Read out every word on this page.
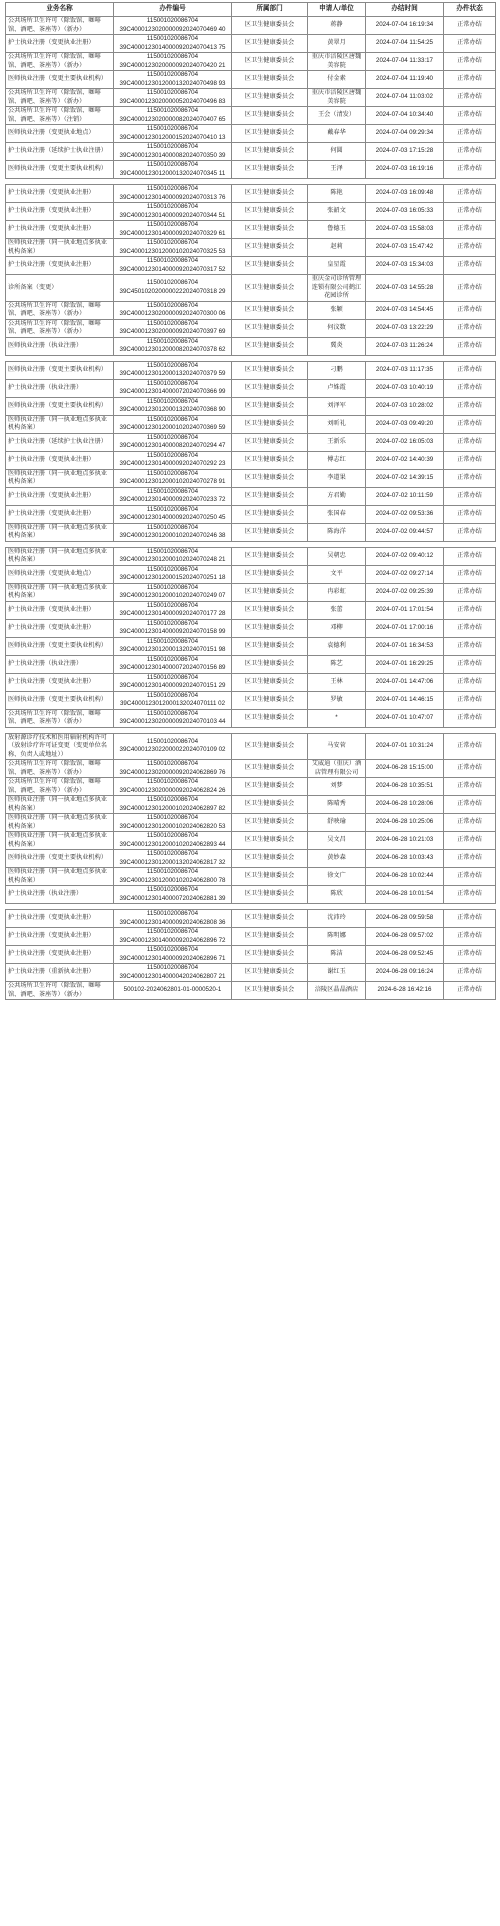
业务名称	办件编号	所属部门	申请人/单位	办结时间	办件状态
公共场所卫生许可（除饭馆、咖啡馆、酒吧、茶座等）（新办）	115001020086704 39C4000123020000092024070469 40	区卫生健康委员会	蒋静	2024-07-04 16:19:34	正常办结
护士执业注册（变更执业注册）	115001020086704 39C4000123014000092024070413 75	区卫生健康委员会	黄翠月	2024-07-04 11:54:25	正常办结
公共场所卫生许可（除饭馆、咖啡馆、酒吧、茶座等）（新办）	115001020086704 39C4000123020000092024070420 21	区卫生健康委员会	重庆市涪陵区唐魏美容院	2024-07-04 11:33:17	正常办结
医师执业注册（变更主要执业机构）	115001020086704 39C4000123012000132024070498 93	区卫生健康委员会	付金素	2024-07-04 11:19:40	正常办结
公共场所卫生许可（除饭馆、咖啡馆、酒吧、茶座等）（新办）	115001020086704 39C4000123020000052024070496 83	区卫生健康委员会	重庆市涪陵区唐魏美容院	2024-07-04 11:03:02	正常办结
公共场所卫生许可（除饭馆、咖啡馆、酒吧、茶座等）（注销）	115001020086704 39C4000123020000082024070407 65	区卫生健康委员会	王会（清发）	2024-07-04 10:34:40	正常办结
医师执业注册（变更执业地点）	115001020086704 39C4000123012000152024070410 13	区卫生健康委员会	戴春华	2024-07-04 09:29:34	正常办结
护士执业注册（延续护士执业注册）	115001020086704 39C4000123014000082024070350 39	区卫生健康委员会	何圆	2024-07-03 17:15:28	正常办结
医师执业注册（变更主要执业机构）	115001020086704 39C4000123012000132024070345 11	区卫生健康委员会	王泽	2024-07-03 16:19:16	正常办结

护士执业注册（变更执业注册）	115001020086704 39C4000123014000092024070313 76	区卫生健康委员会	陈艳	2024-07-03 16:09:48	正常办结
护士执业注册（变更执业注册）	115001020086704 39C4000123014000092024070344 51	区卫生健康委员会	张韶文	2024-07-03 16:05:33	正常办结
护士执业注册（变更执业注册）	115001020086704 39C4000123014000092024070329 61	区卫生健康委员会	鲁德玉	2024-07-03 15:58:03	正常办结
医师执业注册（同一执业地点多执业机构备案）	115001020086704 39C4000123012000102024070325 53	区卫生健康委员会	赵莉	2024-07-03 15:47:42	正常办结
护士执业注册（变更执业注册）	115001020086704 39C4000123014000092024070317 52	区卫生健康委员会	皇星霞	2024-07-03 15:34:03	正常办结
诊所备案（变更）	115001020086704 39C4501020200000222024070318 29	区卫生健康委员会	重庆金司诊所管理连锁有限公司鹤江花园诊所	2024-07-03 14:55:28	正常办结
公共场所卫生许可（除饭馆、咖啡馆、酒吧、茶座等）（新办）	115001020086704 39C4000123020000092024070300 06	区卫生健康委员会	张颖	2024-07-03 14:54:45	正常办结
公共场所卫生许可（除饭馆、咖啡馆、酒吧、茶座等）（新办）	115001020086704 39C4000123020000092024070397 69	区卫生健康委员会	何汶数	2024-07-03 13:22:29	正常办结
医师执业注册（执业注册）	115001020086704 39C4000123012000082024070378 62	区卫生健康委员会	冀炎	2024-07-03 11:26:24	正常办结

医师执业注册（变更主要执业机构）	115001020086704 39C4000123012000132024070379 59	区卫生健康委员会	刁鹏	2024-07-03 11:17:35	正常办结
护士执业注册（执业注册）	115001020086704 39C4000123014000072024070366 99	区卫生健康委员会	卢姝霞	2024-07-03 10:40:19	正常办结
医师执业注册（变更主要执业机构）	115001020086704 39C4000123012000132024070368 90	区卫生健康委员会	刘泽军	2024-07-03 10:28:02	正常办结
医师执业注册（同一执业地点多执业机构备案）	115001020086704 39C4000123012000102024070369 59	区卫生健康委员会	刘昕礼	2024-07-03 09:49:20	正常办结
护士执业注册（延续护士执业注册）	115001020086704 39C4000123014000082024070294 47	区卫生健康委员会	王新乐	2024-07-02 16:05:03	正常办结
护士执业注册（变更执业注册）	115001020086704 39C4000123014000092024070292 23	区卫生健康委员会	傅志红	2024-07-02 14:40:39	正常办结
医师执业注册（同一执业地点多执业机构备案）	115001020086704 39C4000123012000102024070278 91	区卫生健康委员会	李道果	2024-07-02 14:39:15	正常办结
护士执业注册（变更执业注册）	115001020086704 39C4000123014000092024070233 72	区卫生健康委员会	方君勤	2024-07-02 10:11:59	正常办结
护士执业注册（变更执业注册）	115001020086704 39C4000123014000092024070250 45	区卫生健康委员会	张国春	2024-07-02 09:53:36	正常办结
医师执业注册（同一执业地点多执业机构备案）	115001020086704 39C4000123012000102024070246 38	区卫生健康委员会	陈海洋	2024-07-02 09:44:57	正常办结

医师执业注册（同一执业地点多执业机构备案）	115001020086704 39C4000123012000102024070248 21	区卫生健康委员会	吴朝忠	2024-07-02 09:40:12	正常办结
医师执业注册（变更执业地点）	115001020086704 39C4000123012000152024070251 18	区卫生健康委员会	文平	2024-07-02 09:27:14	正常办结
医师执业注册（同一执业地点多执业机构备案）	115001020086704 39C4000123012000102024070249 07	区卫生健康委员会	冉彩虹	2024-07-02 09:25:39	正常办结
护士执业注册（变更执业注册）	115001020086704 39C4000123014000092024070177 28	区卫生健康委员会	张蕾	2024-07-01 17:01:54	正常办结
护士执业注册（变更执业注册）	115001020086704 39C4000123014000092024070158 99	区卫生健康委员会	邓柳	2024-07-01 17:00:16	正常办结
医师执业注册（变更主要执业机构）	115001020086704 39C4000123012000132024070151 98	区卫生健康委员会	袁德利	2024-07-01 16:34:53	正常办结
护士执业注册（执业注册）	115001020086704 39C4000123014000072024070156 89	区卫生健康委员会	陈艺	2024-07-01 16:29:25	正常办结
护士执业注册（变更执业注册）	115001020086704 39C4000123014000092024070151 29	区卫生健康委员会	王林	2024-07-01 14:47:06	正常办结
医师执业注册（变更主要执业机构）	115001020086704 39C4000123012000132024070111 02	区卫生健康委员会	罗敏	2024-07-01 14:46:15	正常办结
公共场所卫生许可（除饭馆、咖啡馆、酒吧、茶座等）（新办）	115001020086704 39C4000123020000092024070103 44	区卫生健康委员会	*	2024-07-01 10:47:07	正常办结

放射源诊疗技术和医用辐射机构许可（放射诊疗许可证变更（变更单位名称、负责人或地址））	115001020086704 39C4000123022000022024070109 02	区卫生健康委员会	马安菅	2024-07-01 10:31:24	正常办结
公共场所卫生许可（除饭馆、咖啡馆、酒吧、茶座等）（新办）	115001020086704 39C4000123020000092024062869 76	区卫生健康委员会	艾威迪（重庆）酒店管理有限公司	2024-06-28 15:15:00	正常办结
公共场所卫生许可（除饭馆、咖啡馆、酒吧、茶座等）（新办）	115001020086704 39C4000123020000092024062824 26	区卫生健康委员会	刘梦	2024-06-28 10:35:51	正常办结
医师执业注册（同一执业地点多执业机构备案）	115001020086704 39C4000123012000102024062897 82	区卫生健康委员会	陈晴秀	2024-06-28 10:28:06	正常办结
医师执业注册（同一执业地点多执业机构备案）	115001020086704 39C4000123012000102024062820 53	区卫生健康委员会	舒映瑜	2024-06-28 10:25:06	正常办结
医师执业注册（同一执业地点多执业机构备案）	115001020086704 39C4000123012000102024062893 44	区卫生健康委员会	吴文昌	2024-06-28 10:21:03	正常办结
医师执业注册（变更主要执业机构）	115001020086704 39C4000123012000132024062817 32	区卫生健康委员会	黄妙森	2024-06-28 10:03:43	正常办结
医师执业注册（同一执业地点多执业机构备案）	115001020086704 39C4000123012000102024062800 78	区卫生健康委员会	徐文广	2024-06-28 10:02:44	正常办结
护士执业注册（执业注册）	115001020086704 39C4000123014000072024062881 39	区卫生健康委员会	陈欣	2024-06-28 10:01:54	正常办结

护士执业注册（变更执业注册）	115001020086704 39C4000123014000092024062808 36	区卫生健康委员会	沈沛玲	2024-06-28 09:59:58	正常办结
护士执业注册（变更执业注册）	115001020086704 39C4000123014000092024062896 72	区卫生健康委员会	陈明娜	2024-06-28 09:57:02	正常办结
护士执业注册（变更执业注册）	115001020086704 39C4000123014000092024062896 71	区卫生健康委员会	陈洁	2024-06-28 09:52:45	正常办结
护士执业注册（重新执业注册）	115001020086704 39C4000123014000042024062807 21	区卫生健康委员会	谢红玉	2024-06-28 09:16:24	正常办结
公共场所卫生许可（除饭馆、咖啡馆、酒吧、茶座等）（新办）	500102-2024062801-01-0000520-1	区卫生健康委员会	涪陵区晶晶酒店	2024-6-28 16:42:16	正常办结
